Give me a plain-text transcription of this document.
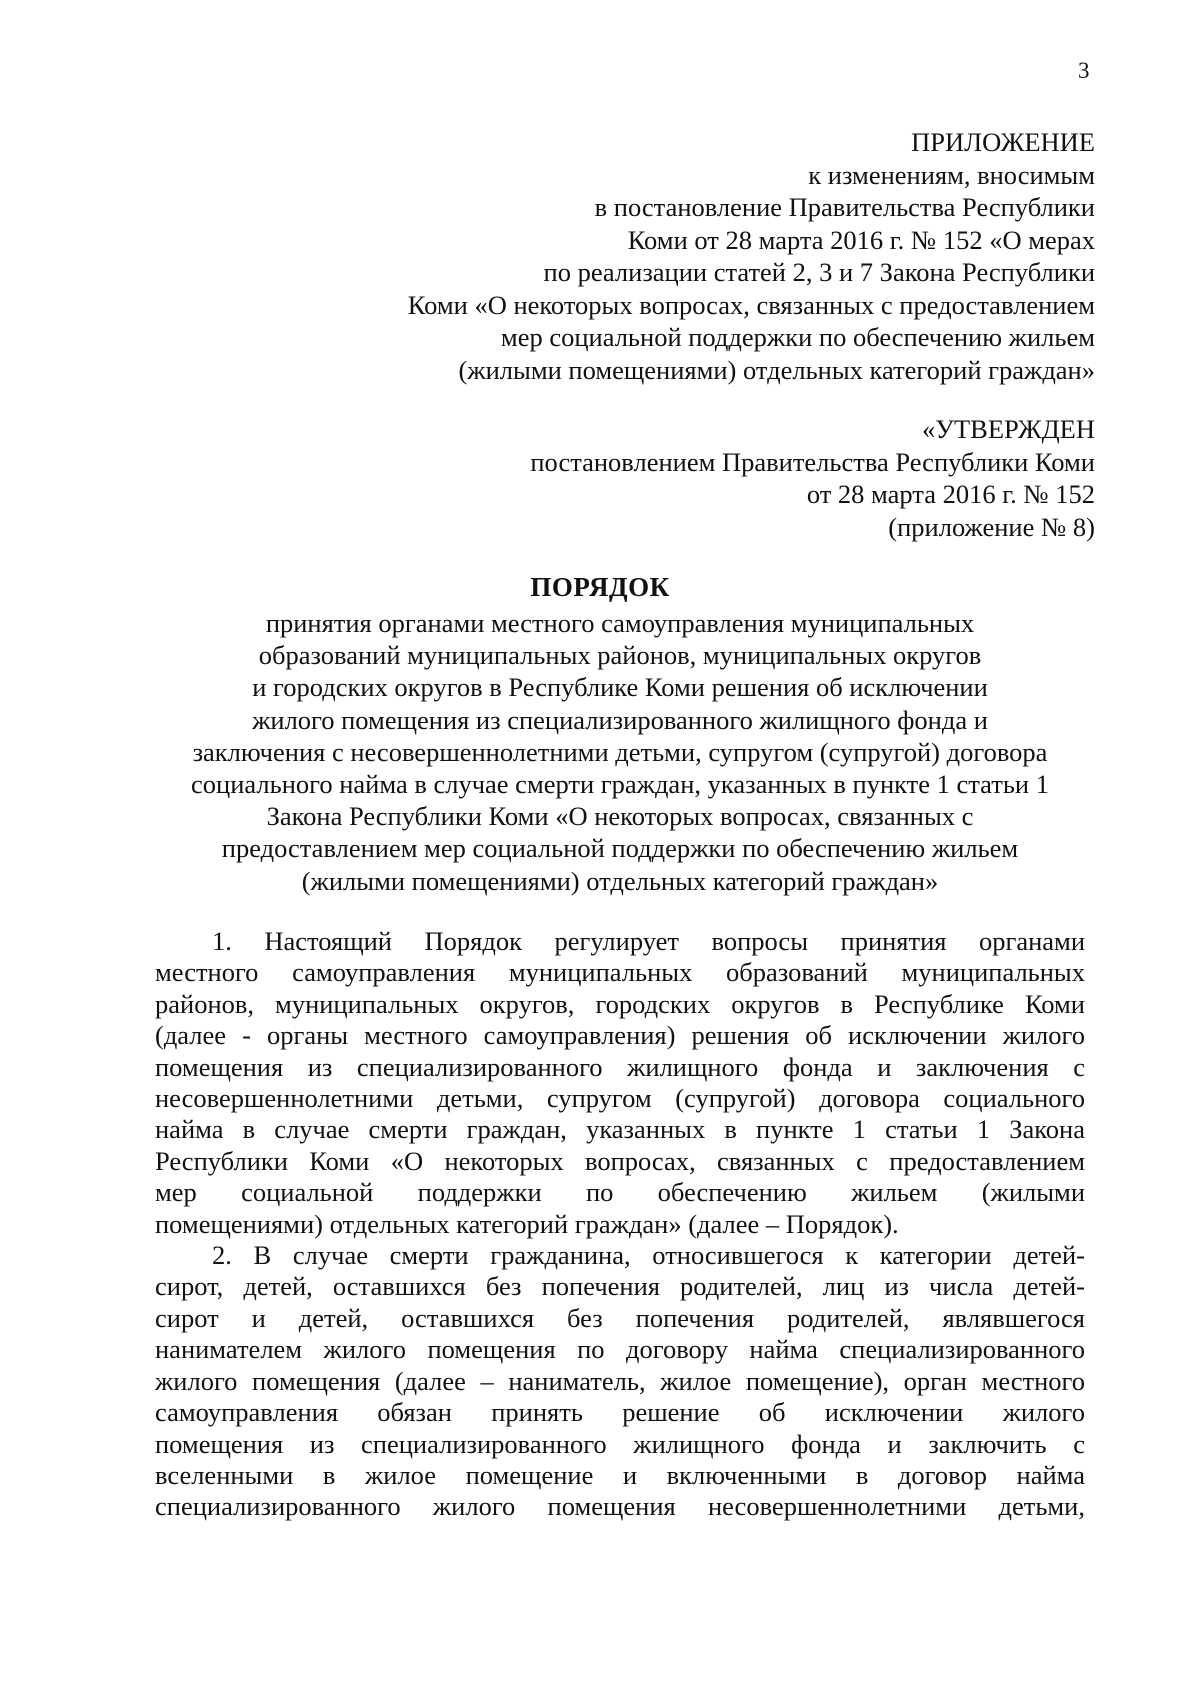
3
ПРИЛОЖЕНИЕ
к изменениям, вносимым
в постановление Правительства Республики
Коми от 28 марта 2016 г. № 152 «О мерах
по реализации статей 2, 3 и 7 Закона Республики
Коми «О некоторых вопросах, связанных с предоставлением
мер социальной поддержки по обеспечению жильем
(жилыми помещениями) отдельных категорий граждан»
«УТВЕРЖДЕН
постановлением Правительства Республики Коми
от 28 марта 2016 г. № 152
(приложение № 8)
ПОРЯДОК
принятия органами местного самоуправления муниципальных
образований муниципальных районов, муниципальных округов
и городских округов в Республике Коми решения об исключении
жилого помещения из специализированного жилищного фонда и
заключения с несовершеннолетними детьми, супругом (супругой) договора
социального найма в случае смерти граждан, указанных в пункте 1 статьи 1
Закона Республики Коми «О некоторых вопросах, связанных с
предоставлением мер социальной поддержки по обеспечению жильем
(жилыми помещениями) отдельных категорий граждан»
1. Настоящий Порядок регулирует вопросы принятия органами
местного самоуправления муниципальных образований муниципальных
районов, муниципальных округов, городских округов в Республике Коми
(далее - органы местного самоуправления) решения об исключении жилого
помещения из специализированного жилищного фонда и заключения с
несовершеннолетними детьми, супругом (супругой) договора социального
найма в случае смерти граждан, указанных в пункте 1 статьи 1 Закона
Республики Коми «О некоторых вопросах, связанных с предоставлением
мер социальной поддержки по обеспечению жильем (жилыми
помещениями) отдельных категорий граждан» (далее – Порядок).
2. В случае смерти гражданина, относившегося к категории детей-
сирот, детей, оставшихся без попечения родителей, лиц из числа детей-
сирот и детей, оставшихся без попечения родителей, являвшегося
нанимателем жилого помещения по договору найма специализированного
жилого помещения (далее – наниматель, жилое помещение), орган местного
самоуправления обязан принять решение об исключении жилого
помещения из специализированного жилищного фонда и заключить с
вселенными в жилое помещение и включенными в договор найма
специализированного жилого помещения несовершеннолетними детьми,
